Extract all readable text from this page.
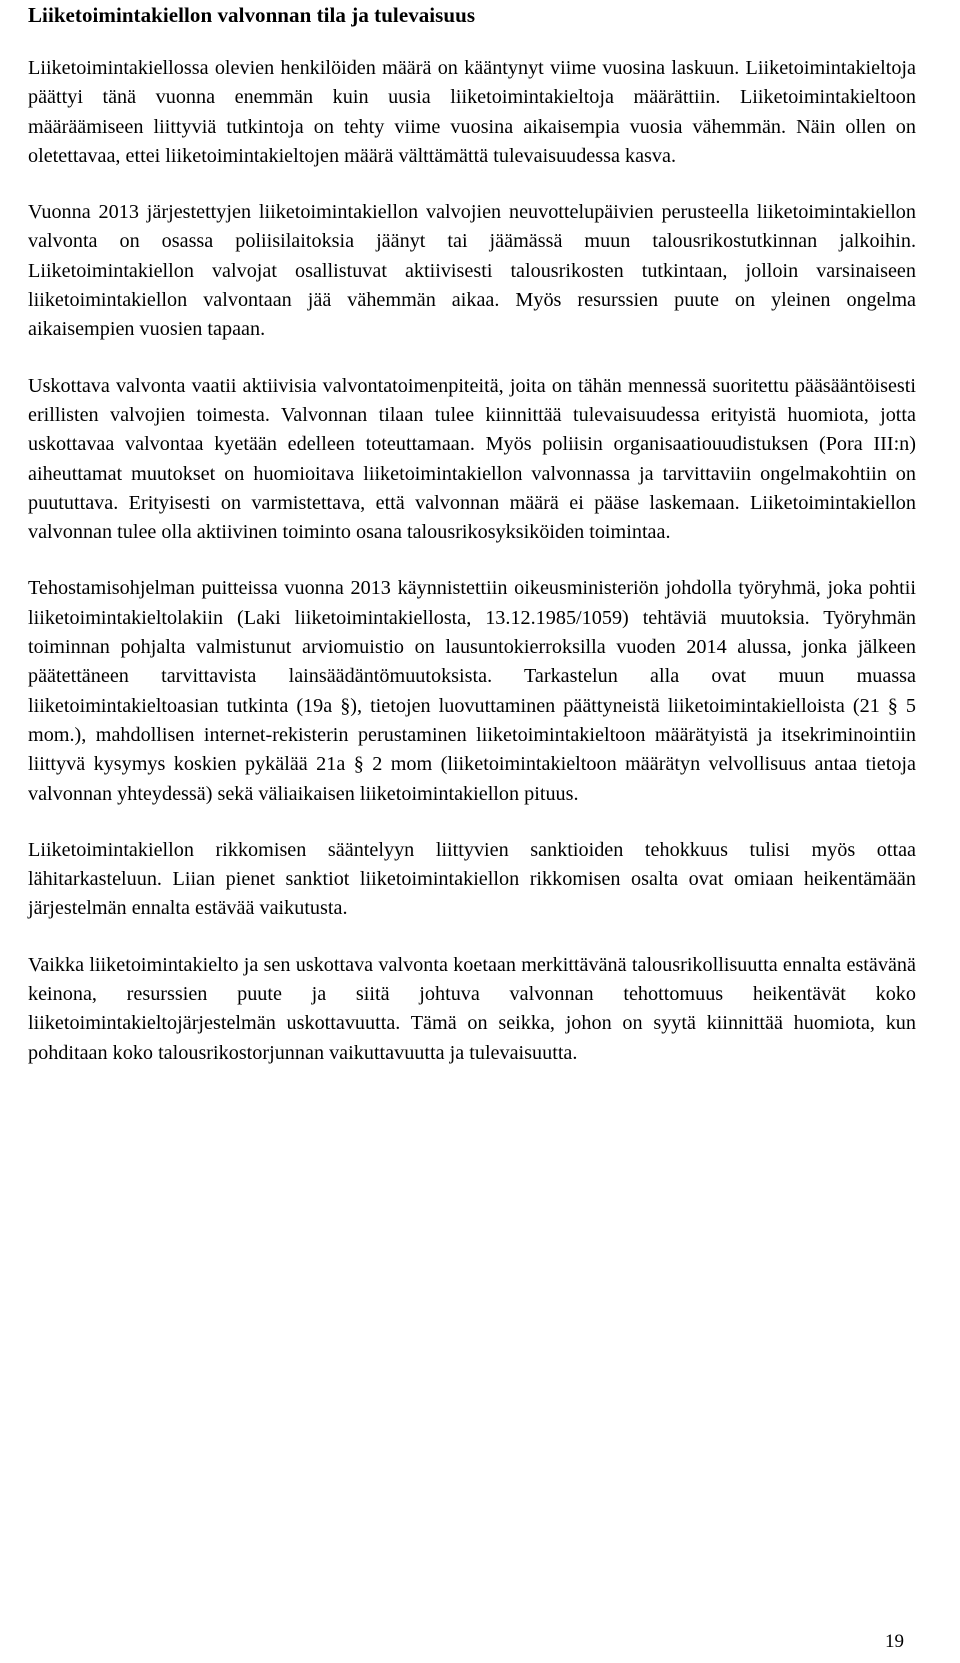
Liiketoimintakiellon valvonnan tila ja tulevaisuus

Liiketoimintakiellossa olevien henkilöiden määrä on kääntynyt viime vuosina laskuun. Liiketoimintakieltoja päättyi tänä vuonna enemmän kuin uusia liiketoimintakieltoja määrättiin. Liiketoimintakieltoon määräämiseen liittyviä tutkintoja on tehty viime vuosina aikaisempia vuosia vähemmän. Näin ollen on oletettavaa, ettei liiketoimintakieltojen määrä välttämättä tulevaisuudessa kasva.

Vuonna 2013 järjestettyjen liiketoimintakiellon valvojien neuvottelupäivien perusteella liiketoimintakiellon valvonta on osassa poliisilaitoksia jäänyt tai jäämässä muun talousrikostutkinnan jalkoihin. Liiketoimintakiellon valvojat osallistuvat aktiivisesti talousrikosten tutkintaan, jolloin varsinaiseen liiketoimintakiellon valvontaan jää vähemmän aikaa. Myös resurssien puute on yleinen ongelma aikaisempien vuosien tapaan.

Uskottava valvonta vaatii aktiivisia valvontatoimenpiteitä, joita on tähän mennessä suoritettu pääsääntöisesti erillisten valvojien toimesta. Valvonnan tilaan tulee kiinnittää tulevaisuudessa erityistä huomiota, jotta uskottavaa valvontaa kyetään edelleen toteuttamaan. Myös poliisin organisaatiouudistuksen (Pora III:n) aiheuttamat muutokset on huomioitava liiketoimintakiellon valvonnassa ja tarvittaviin ongelmakohtiin on puututtava. Erityisesti on varmistettava, että valvonnan määrä ei pääse laskemaan. Liiketoimintakiellon valvonnan tulee olla aktiivinen toiminto osana talousrikosyksiköiden toimintaa.

Tehostamisohjelman puitteissa vuonna 2013 käynnistettiin oikeusministeriön johdolla työryhmä, joka pohtii liiketoimintakieltolakiin (Laki liiketoimintakiellosta, 13.12.1985/1059) tehtäviä muutoksia. Työryhmän toiminnan pohjalta valmistunut arviomuistio on lausuntokierroksilla vuoden 2014 alussa, jonka jälkeen päätettäneen tarvittavista lainsäädäntömuutoksista. Tarkastelun alla ovat muun muassa liiketoimintakieltoasian tutkinta (19a §), tietojen luovuttaminen päättyneistä liiketoimintakielloista (21 § 5 mom.), mahdollisen internet-rekisterin perustaminen liiketoimintakieltoon määrätyistä ja itsekriminointiin liittyvä kysymys koskien pykälää 21a § 2 mom (liiketoimintakieltoon määrätyn velvollisuus antaa tietoja valvonnan yhteydessä) sekä väliaikaisen liiketoimintakiellon pituus.

Liiketoimintakiellon rikkomisen sääntelyyn liittyvien sanktioiden tehokkuus tulisi myös ottaa lähitarkasteluun. Liian pienet sanktiot liiketoimintakiellon rikkomisen osalta ovat omiaan heikentämään järjestelmän ennalta estävää vaikutusta.

Vaikka liiketoimintakielto ja sen uskottava valvonta koetaan merkittävänä talousrikollisuutta ennalta estävänä keinona, resurssien puute ja siitä johtuva valvonnan tehottomuus heikentävät koko liiketoimintakieltojärjestelmän uskottavuutta. Tämä on seikka, johon on syytä kiinnittää huomiota, kun pohditaan koko talousrikostorjunnan vaikuttavuutta ja tulevaisuutta.

19
